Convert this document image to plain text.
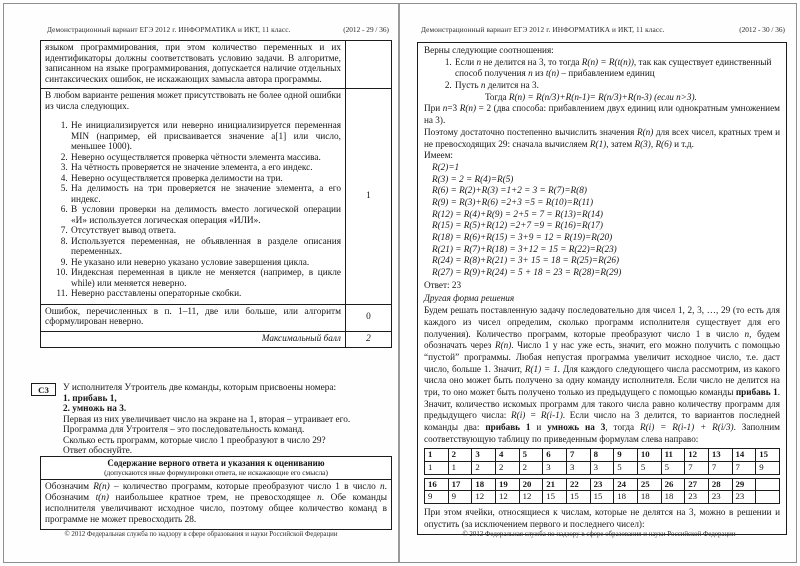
Демонстрационный вариант ЕГЭ 2012 г. ИНФОРМАТИКА и ИКТ, 11 класс.	(2012 - 29 / 36)
языком программирования, при этом количество переменных и их идентификаторы должны соответствовать условию задачи. В алгоритме, записанном на языке программирования, допускается наличие отдельных синтаксических ошибок, не искажающих замысла автора программы.
В любом варианте решения может присутствовать не более одной ошибки из числа следующих.
1. Не инициализируется или неверно инициализируется переменная MIN (например, ей присваивается значение a[1] или число, меньшее 1000).
2. Неверно осуществляется проверка чётности элемента массива.
3. На чётность проверяется не значение элемента, а его индекс.
4. Неверно осуществляется проверка делимости на три.
5. На делимость на три проверяется не значение элемента, а его индекс.
6. В условии проверки на делимость вместо логической операции «И» используется логическая операция «ИЛИ».
7. Отсутствует вывод ответа.
8. Используется переменная, не объявленная в разделе описания переменных.
9. Не указано или неверно указано условие завершения цикла.
10. Индексная переменная в цикле не меняется (например, в цикле while) или меняется неверно.
11. Неверно расставлены операторные скобки.
1
Ошибок, перечисленных в п. 1–11, две или больше, или алгоритм сформулирован неверно.	0
Максимальный балл	2
С3	У исполнителя Утроитель две команды, которым присвоены номера:
1. прибавь 1,
2. умножь на 3.
Первая из них увеличивает число на экране на 1, вторая – утраивает его.
Программа для Утроителя – это последовательность команд.
Сколько есть программ, которые число 1 преобразуют в число 29?
Ответ обоснуйте.
Содержание верного ответа и указания к оцениванию
(допускаются иные формулировки ответа, не искажающие его смысла)
Обозначим R(n) – количество программ, которые преобразуют число 1 в число n. Обозначим t(n) наибольшее кратное трем, не превосходящее n. Обе команды исполнителя увеличивают исходное число, поэтому общее количество команд в программе не может превосходить 28.
© 2012 Федеральная служба по надзору в сфере образования и науки Российской Федерации
Демонстрационный вариант ЕГЭ 2012 г. ИНФОРМАТИКА и ИКТ, 11 класс.	(2012 - 30 / 36)
Верны следующие соотношения:
1. Если n не делится на 3, то тогда R(n) = R(t(n)), так как существует единственный способ получения n из t(n) – прибавлением единиц
2. Пусть n делится на 3.
Тогда R(n) = R(n/3)+R(n-1)= R(n/3)+R(n-3) (если n>3).
При n=3 R(n) = 2 (два способа: прибавлением двух единиц или однократным умножением на 3).
Поэтому достаточно постепенно вычислить значения R(n) для всех чисел, кратных трем и не превосходящих 29: сначала вычисляем R(1), затем R(3), R(6) и т.д.
Имеем:
R(2)=1
R(3) = 2 = R(4)=R(5)
R(6) = R(2)+R(3) =1+2 = 3 = R(7)=R(8)
R(9) = R(3)+R(6) =2+3 =5 = R(10)=R(11)
R(12) = R(4)+R(9) = 2+5 = 7 = R(13)=R(14)
R(15) = R(5)+R(12) =2+7 =9 = R(16)=R(17)
R(18) = R(6)+R(15) = 3+9 = 12 = R(19)=R(20)
R(21) = R(7)+R(18) = 3+12 = 15 = R(22)=R(23)
R(24) = R(8)+R(21) = 3+ 15 = 18 = R(25)=R(26)
R(27) = R(9)+R(24) = 5 + 18 = 23 = R(28)=R(29)
Ответ: 23
Другая форма решения
Будем решать поставленную задачу последовательно для чисел 1, 2, 3, …, 29 (то есть для каждого из чисел определим, сколько программ исполнителя существует для его получения). Количество программ, которые преобразуют число 1 в число n, будем обозначать через R(n). Число 1 у нас уже есть, значит, его можно получить с помощью “пустой” программы. Любая непустая программа увеличит исходное число, т.е. даст число, больше 1. Значит, R(1) = 1. Для каждого следующего числа рассмотрим, из какого числа оно может быть получено за одну команду исполнителя. Если число не делится на три, то оно может быть получено только из предыдущего с помощью команды прибавь 1. Значит, количество искомых программ для такого числа равно количеству программ для предыдущего числа: R(i) = R(i-1). Если число на 3 делится, то вариантов последней команды два: прибавь 1 и умножь на 3, тогда R(i) = R(i-1) + R(i/3). Заполним соответствующую таблицу по приведенным формулам слева направо:
1	2	3	4	5	6	7	8	9	10	11	12	13	14	15
1	1	2	2	2	3	3	3	5	5	5	7	7	7	9
16	17	18	19	20	21	22	23	24	25	26	27	28	29	
9	9	12	12	12	15	15	15	18	18	18	23	23	23	
При этом ячейки, относящиеся к числам, которые не делятся на 3, можно в решении и опустить (за исключением первого и последнего чисел):
© 2012 Федеральная служба по надзору в сфере образования и науки Российской Федерации
